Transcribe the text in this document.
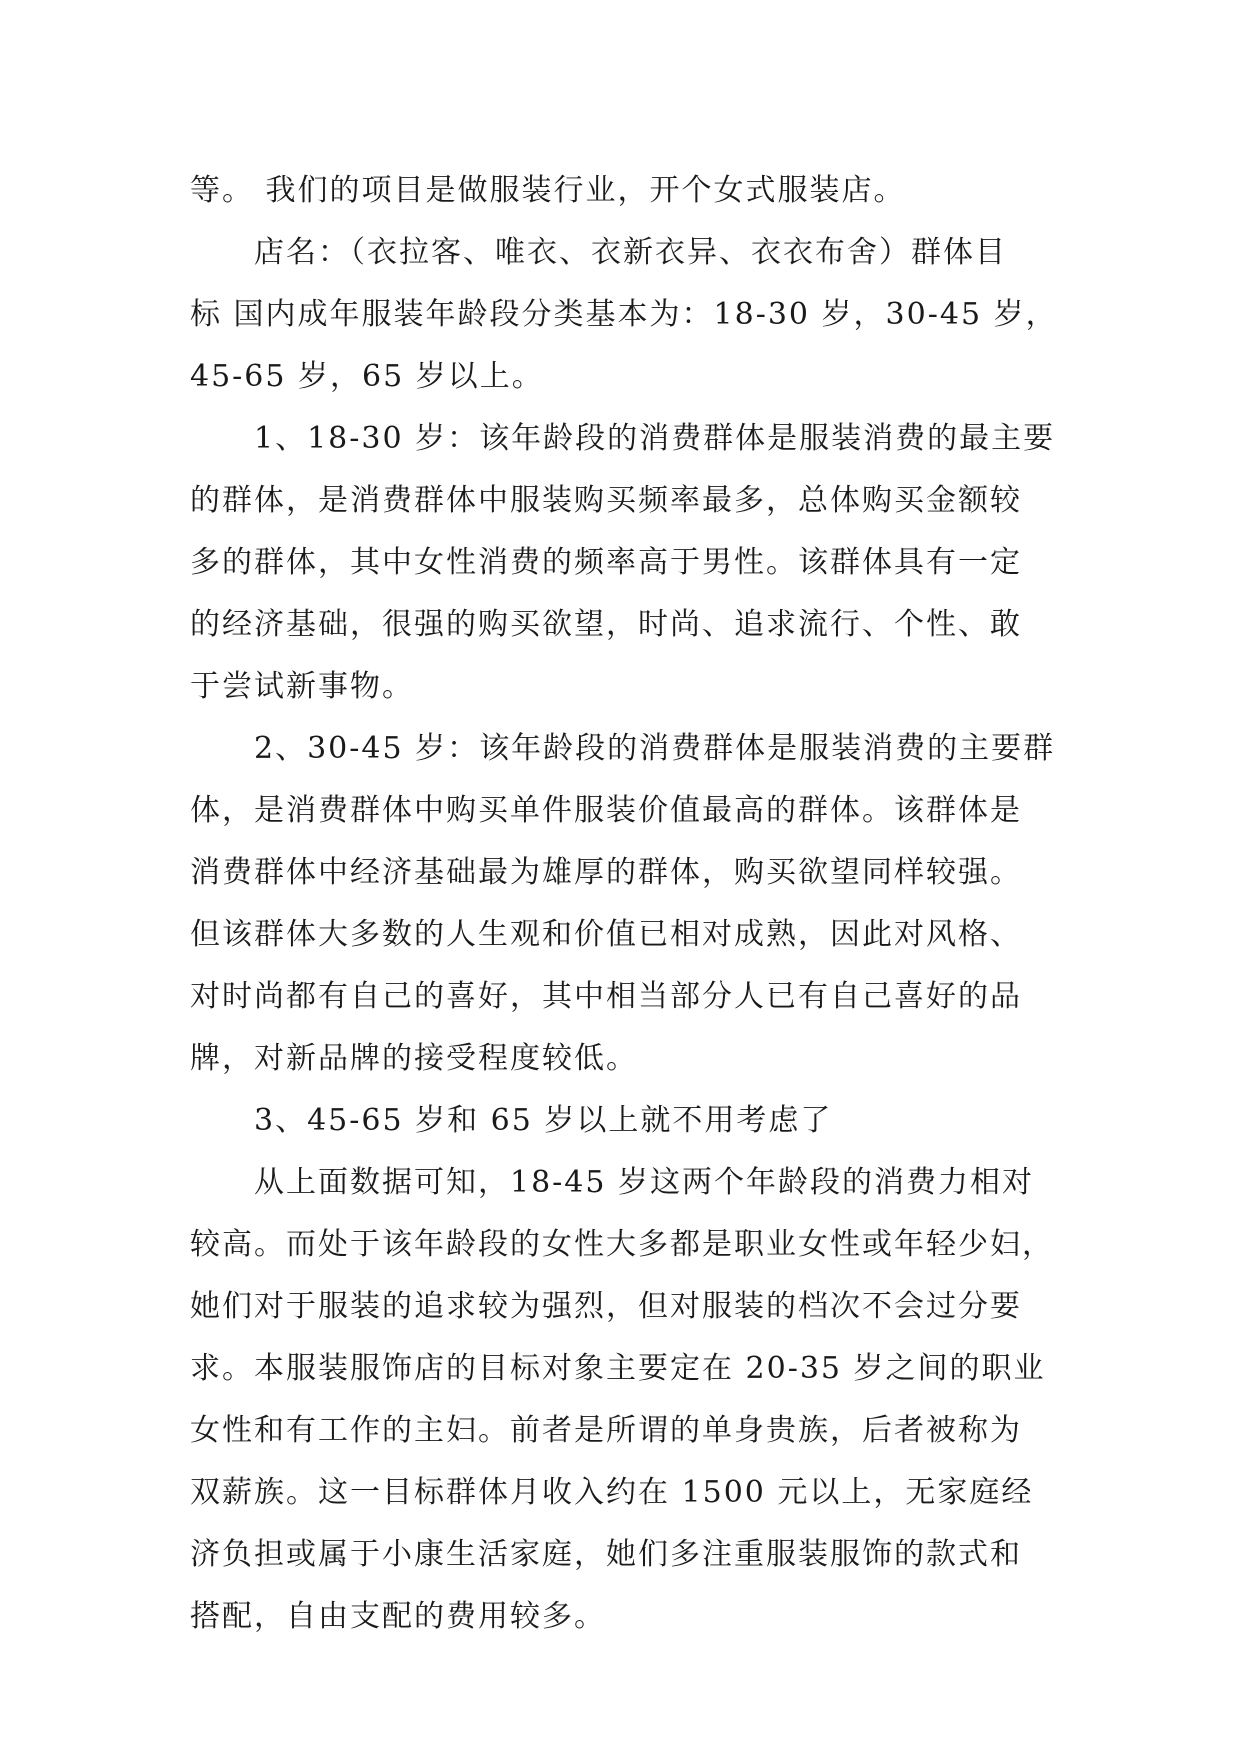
等。 我们的项目是做服装行业，开个女式服装店。
店名：（衣拉客、唯衣、衣新衣异、衣衣布舍）群体目
标 国内成年服装年龄段分类基本为：18-30 岁，30-45 岁，
45-65 岁，65 岁以上。
1、18-30 岁：该年龄段的消费群体是服装消费的最主要
的群体，是消费群体中服装购买频率最多，总体购买金额较
多的群体，其中女性消费的频率高于男性。该群体具有一定
的经济基础，很强的购买欲望，时尚、追求流行、个性、敢
于尝试新事物。
2、30-45 岁：该年龄段的消费群体是服装消费的主要群
体，是消费群体中购买单件服装价值最高的群体。该群体是
消费群体中经济基础最为雄厚的群体，购买欲望同样较强。
但该群体大多数的人生观和价值已相对成熟，因此对风格、
对时尚都有自己的喜好，其中相当部分人已有自己喜好的品
牌，对新品牌的接受程度较低。
3、45-65 岁和 65 岁以上就不用考虑了
从上面数据可知，18-45 岁这两个年龄段的消费力相对
较高。而处于该年龄段的女性大多都是职业女性或年轻少妇，
她们对于服装的追求较为强烈，但对服装的档次不会过分要
求。本服装服饰店的目标对象主要定在 20-35 岁之间的职业
女性和有工作的主妇。前者是所谓的单身贵族，后者被称为
双薪族。这一目标群体月收入约在 1500 元以上，无家庭经
济负担或属于小康生活家庭，她们多注重服装服饰的款式和
搭配，自由支配的费用较多。
